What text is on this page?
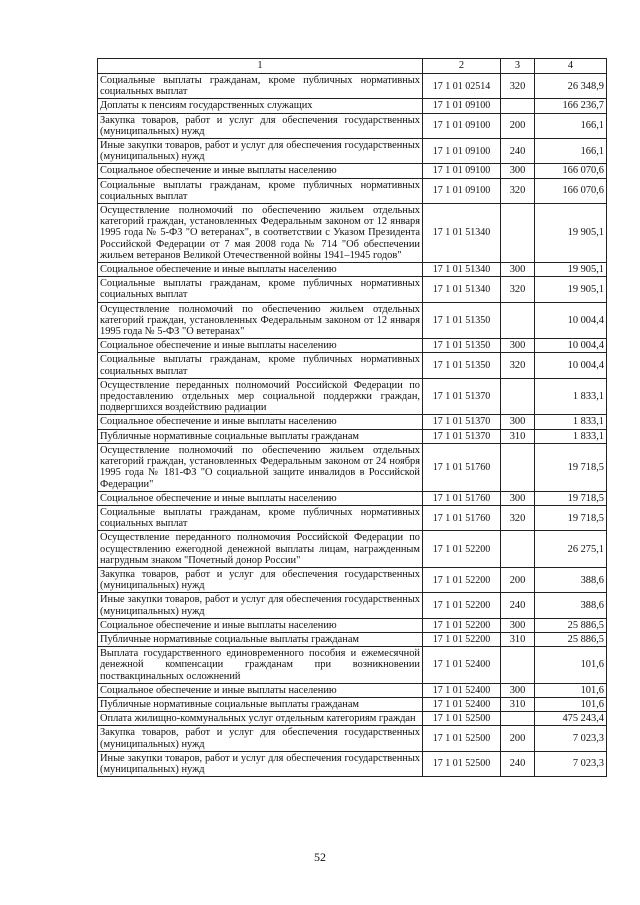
1	2	3	4
Социальные выплаты гражданам, кроме публичных нормативных социальных выплат	17 1 01 02514	320	26 348,9
Доплаты к пенсиям государственных служащих	17 1 01 09100		166 236,7
Закупка товаров, работ и услуг для обеспечения государственных (муниципальных) нужд	17 1 01 09100	200	166,1
Иные закупки товаров, работ и услуг для обеспечения государственных (муниципальных) нужд	17 1 01 09100	240	166,1
Социальное обеспечение и иные выплаты населению	17 1 01 09100	300	166 070,6
Социальные выплаты гражданам, кроме публичных нормативных социальных выплат	17 1 01 09100	320	166 070,6
Осуществление полномочий по обеспечению жильем отдельных категорий граждан, установленных Федеральным законом от 12 января 1995 года № 5-ФЗ "О ветеранах", в соответствии с Указом Президента Российской Федерации от 7 мая 2008 года № 714 "Об обеспечении жильем ветеранов Великой Отечественной войны 1941–1945 годов"	17 1 01 51340		19 905,1
Социальное обеспечение и иные выплаты населению	17 1 01 51340	300	19 905,1
Социальные выплаты гражданам, кроме публичных нормативных социальных выплат	17 1 01 51340	320	19 905,1
Осуществление полномочий по обеспечению жильем отдельных категорий граждан, установленных Федеральным законом от 12 января 1995 года № 5-ФЗ "О ветеранах"	17 1 01 51350		10 004,4
Социальное обеспечение и иные выплаты населению	17 1 01 51350	300	10 004,4
Социальные выплаты гражданам, кроме публичных нормативных социальных выплат	17 1 01 51350	320	10 004,4
Осуществление переданных полномочий Российской Федерации по предоставлению отдельных мер социальной поддержки граждан, подвергшихся воздействию радиации	17 1 01 51370		1 833,1
Социальное обеспечение и иные выплаты населению	17 1 01 51370	300	1 833,1
Публичные нормативные социальные выплаты гражданам	17 1 01 51370	310	1 833,1
Осуществление полномочий по обеспечению жильем отдельных категорий граждан, установленных Федеральным законом от 24 ноября 1995 года № 181-ФЗ "О социальной защите инвалидов в Российской Федерации"	17 1 01 51760		19 718,5
Социальное обеспечение и иные выплаты населению	17 1 01 51760	300	19 718,5
Социальные выплаты гражданам, кроме публичных нормативных социальных выплат	17 1 01 51760	320	19 718,5
Осуществление переданного полномочия Российской Федерации по осуществлению ежегодной денежной выплаты лицам, награжденным нагрудным знаком "Почетный донор России"	17 1 01 52200		26 275,1
Закупка товаров, работ и услуг для обеспечения государственных (муниципальных) нужд	17 1 01 52200	200	388,6
Иные закупки товаров, работ и услуг для обеспечения государственных (муниципальных) нужд	17 1 01 52200	240	388,6
Социальное обеспечение и иные выплаты населению	17 1 01 52200	300	25 886,5
Публичные нормативные социальные выплаты гражданам	17 1 01 52200	310	25 886,5
Выплата государственного единовременного пособия и ежемесячной денежной компенсации гражданам при возникновении поствакцинальных осложнений	17 1 01 52400		101,6
Социальное обеспечение и иные выплаты населению	17 1 01 52400	300	101,6
Публичные нормативные социальные выплаты гражданам	17 1 01 52400	310	101,6
Оплата жилищно-коммунальных услуг отдельным категориям граждан	17 1 01 52500		475 243,4
Закупка товаров, работ и услуг для обеспечения государственных (муниципальных) нужд	17 1 01 52500	200	7 023,3
Иные закупки товаров, работ и услуг для обеспечения государственных (муниципальных) нужд	17 1 01 52500	240	7 023,3
52
